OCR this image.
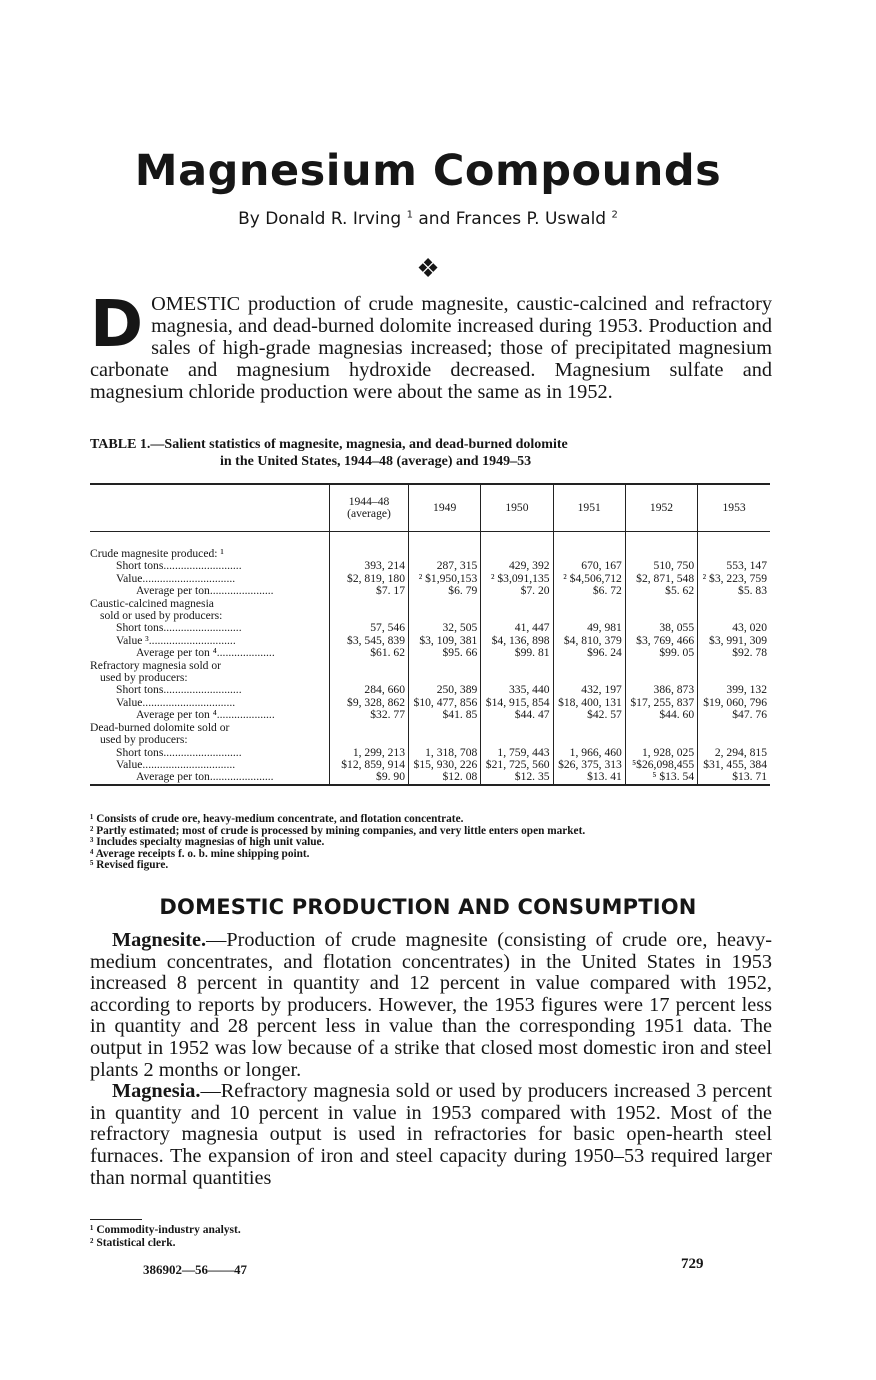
Magnesium Compounds
By Donald R. Irving $^1$ and Frances P. Uswald $^2$
❖
DOMESTIC production of crude magnesite, caustic-calcined and refractory magnesia, and dead-burned dolomite increased during 1953. Production and sales of high-grade magnesias increased; those of precipitated magnesium carbonate and magnesium hydroxide decreased. Magnesium sulfate and magnesium chloride production were about the same as in 1952.
TABLE 1.—Salient statistics of magnesite, magnesia, and dead-burned dolomite
in the United States, 1944–48 (average) and 1949–53

	1944–48
(average)	1949	1950	1951	1952	1953

Crude magnesite produced: ¹						
Short tons...........................	393, 214	287, 315	429, 392	670, 167	510, 750	553, 147
Value................................	$2, 819, 180	² $1,950,153	² $3,091,135	² $4,506,712	$2, 871, 548	² $3, 223, 759
Average per ton......................	$7. 17	$6. 79	$7. 20	$6. 72	$5. 62	$5. 83
Caustic-calcined magnesia						
sold or used by producers:						
Short tons...........................	57, 546	32, 505	41, 447	49, 981	38, 055	43, 020
Value ³..............................	$3, 545, 839	$3, 109, 381	$4, 136, 898	$4, 810, 379	$3, 769, 466	$3, 991, 309
Average per ton ⁴....................	$61. 62	$95. 66	$99. 81	$96. 24	$99. 05	$92. 78
Refractory magnesia sold or						
used by producers:						
Short tons...........................	284, 660	250, 389	335, 440	432, 197	386, 873	399, 132
Value................................	$9, 328, 862	$10, 477, 856	$14, 915, 854	$18, 400, 131	$17, 255, 837	$19, 060, 796
Average per ton ⁴....................	$32. 77	$41. 85	$44. 47	$42. 57	$44. 60	$47. 76
Dead-burned dolomite sold or						
used by producers:						
Short tons...........................	1, 299, 213	1, 318, 708	1, 759, 443	1, 966, 460	1, 928, 025	2, 294, 815
Value................................	$12, 859, 914	$15, 930, 226	$21, 725, 560	$26, 375, 313	⁵$26,098,455	$31, 455, 384
Average per ton......................	$9. 90	$12. 08	$12. 35	$13. 41	⁵ $13. 54	$13. 71
¹ Consists of crude ore, heavy-medium concentrate, and flotation concentrate.
² Partly estimated; most of crude is processed by mining companies, and very little enters open market.
³ Includes specialty magnesias of high unit value.
⁴ Average receipts f. o. b. mine shipping point.
⁵ Revised figure.
DOMESTIC PRODUCTION AND CONSUMPTION

Magnesite.—Production of crude magnesite (consisting of crude ore, heavy-medium concentrates, and flotation concentrates) in the United States in 1953 increased 8 percent in quantity and 12 percent in value compared with 1952, according to reports by producers. However, the 1953 figures were 17 percent less in quantity and 28 percent less in value than the corresponding 1951 data. The output in 1952 was low because of a strike that closed most domestic iron and steel plants 2 months or longer.

Magnesia.—Refractory magnesia sold or used by producers increased 3 percent in quantity and 10 percent in value in 1953 compared with 1952. Most of the refractory magnesia output is used in refractories for basic open-hearth steel furnaces. The expansion of iron and steel capacity during 1950–53 required larger than normal quantities

¹ Commodity-industry analyst.
² Statistical clerk.
386902—56——47	729
